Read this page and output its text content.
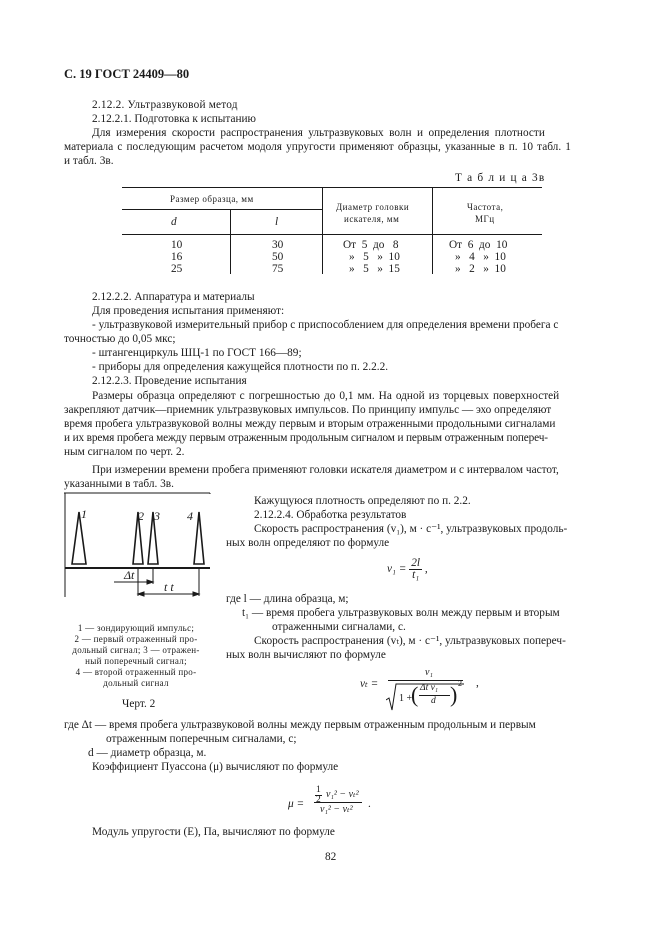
С. 19 ГОСТ 24409—80
2.12.2. Ультразвуковой метод
2.12.2.1. Подготовка к испытанию
Для измерения скорости распространения ультразвуковых волн и определения плотности
материала с последующим расчетом модоля упругости применяют образцы, указанные в п. 10 табл. 1
и табл. 3в.
Т а б л и ц а 3в
Размер образца, мм
d	l
Диаметр головки
искателя, мм
Частота,
МГц
10	30	От  5  до   8	От  6  до  10
16	50	»   5   »  10	»   4   »  10
25	75	»   5   »  15	»   2   »  10
2.12.2.2. Аппаратура и материалы
Для проведения испытания применяют:
- ультразвуковой измерительный прибор с приспособлением для определения времени пробега с
точностью до 0,05 мкс;
- штангенциркуль ШЦ-1 по ГОСТ 166—89;
- приборы для определения кажущейся плотности по п. 2.2.2.
2.12.2.3. Проведение испытания
Размеры образца определяют с погрешностью до 0,1 мм. На одной из торцевых поверхностей
закрепляют датчик—приемник ультразвуковых импульсов. По принципу импульс — эхо определяют
время пробега ультразвуковой волны между первым и вторым отраженными продольными сигналами
и их время пробега между первым отраженным продольным сигналом и первым отраженным попереч-
ным сигналом по черт. 2.
При измерении времени пробега применяют головки искателя диаметром и с интервалом частот,
указанными в табл. 3в.
1	2 3 4
Δt
t t
1 — зондирующий импульс;
2 — первый отраженный про-
дольный сигнал; 3 — отражен-
ный поперечный сигнал;
4 — второй отраженный про-
дольный сигнал
Черт. 2
Кажущуюся плотность определяют по п. 2.2.
2.12.2.4. Обработка результатов
Скорость распространения (v₁), м · с⁻¹, ультразвуковых продоль-
ных волн определяют по формуле
$v_1 = \frac{2l}{\text{t₁}}$ ,
где l — длина образца, м;
t₁ — время пробега ультразвуковых волн между первым и вторым
отраженными сигналами, с.
Скорость распространения (vₜ), м · с⁻¹, ультразвуковых попереч-
ных волн вычисляют по формуле
vₜ =
v₁
1 +
( Δt v₁
d ) 2 ,
где Δt — время пробега ультразвуковой волны между первым отраженным продольным и первым
отраженным поперечным сигналами, с;
d — диаметр образца, м.
Коэффициент Пуассона (μ) вычисляют по формуле
μ =
1
2 v₁² − vₜ²
v₁² − vₜ² .
Модуль упругости (E), Па, вычисляют по формуле
82
